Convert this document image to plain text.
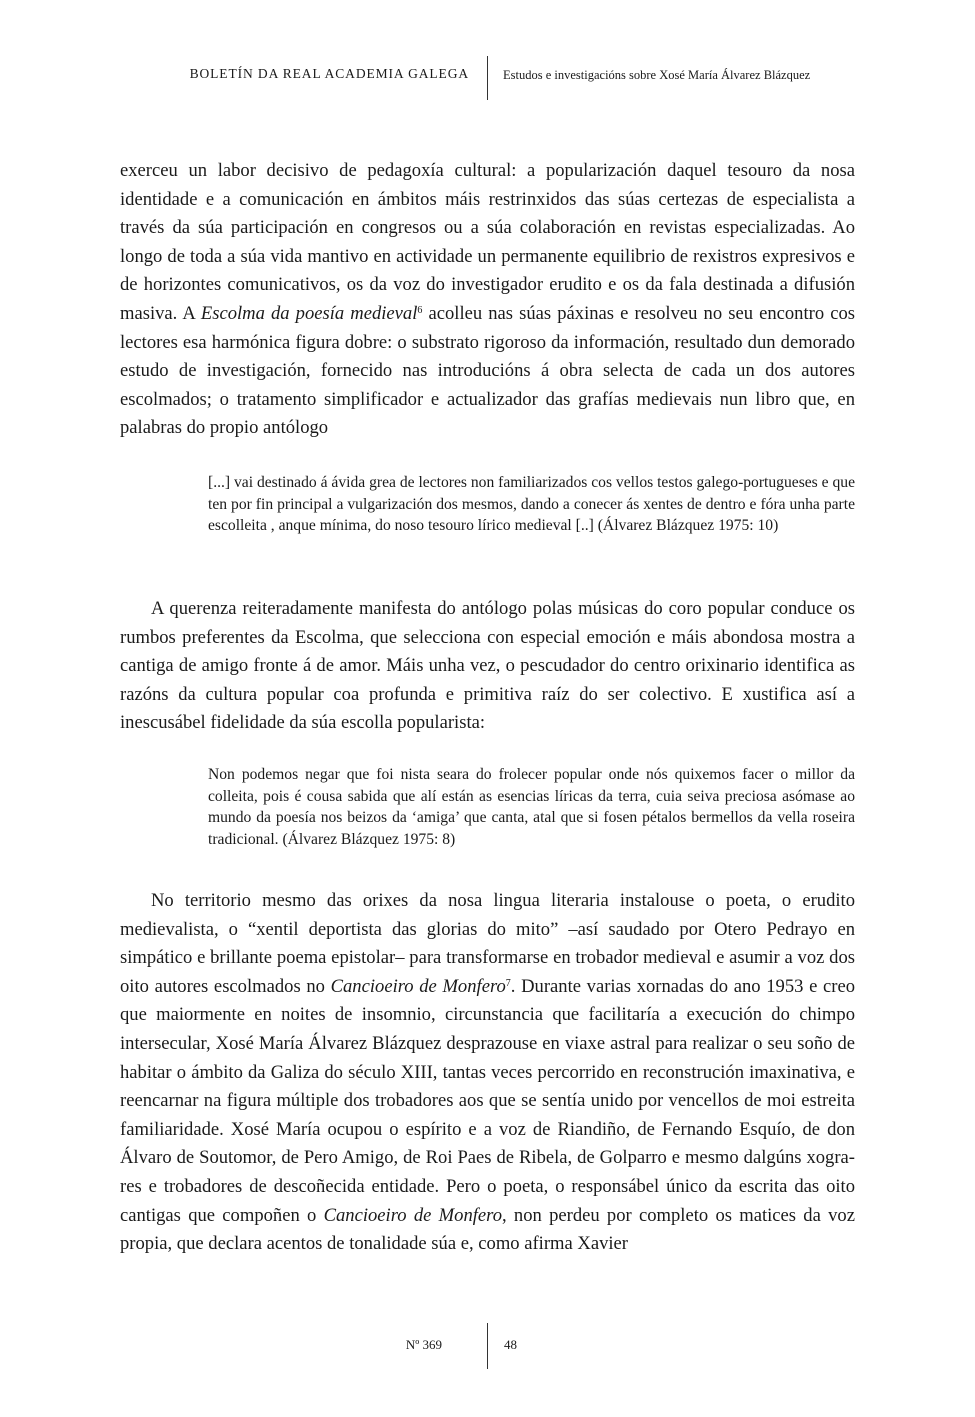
BOLETÍN DA REAL ACADEMIA GALEGA	Estudos e investigacións sobre Xosé María Álvarez Blázquez

exerceu un labor decisivo de pedagoxía cultural: a popularización daquel tesouro da nosa identidade e a comunicación en ámbitos máis restrinxidos das súas certezas de especialista a través da súa participación en congresos ou a súa colaboración en revistas especializadas. Ao longo de toda a súa vida mantivo en actividade un permanente equilibrio de rexistros expresivos e de horizontes comunicativos, os da voz do investigador erudito e os da fala destinada a difusión masiva. A Escolma da poesía medieval$^6$ acolleu nas súas páxinas e resolveu no seu encontro cos lectores esa harmónica figura dobre: o substrato rigoroso da información, resultado dun demorado estudo de investigación, fornecido nas introducións á obra selecta de cada un dos autores escolmados; o tratamento simplificador e actualizador das grafías medievais nun libro que, en palabras do propio antólogo

[...] vai destinado á ávida grea de lectores non familiarizados cos vellos testos galego-portugueses e que ten por fin principal a vulgarización dos mesmos, dando a conecer ás xentes de dentro e fóra unha parte escolleita , anque mínima, do noso tesouro lírico medieval [..] (Álvarez Blázquez 1975: 10)

A querenza reiteradamente manifesta do antólogo polas músicas do coro popular conduce os rumbos preferentes da Escolma, que selecciona con especial emoción e máis abondosa mostra a cantiga de amigo fronte á de amor. Máis unha vez, o pescudador do centro orixinario identifica as razóns da cultura popular coa profunda e primitiva raíz do ser colectivo. E xustifica así a inescusábel fidelidade da súa escolla popularista:

Non podemos negar que foi nista seara do frolecer popular onde nós quixemos facer o millor da colleita, pois é cousa sabida que alí están as esencias líricas da terra, cuia seiva preciosa asómase ao mundo da poesía nos beizos da ‘amiga’ que canta, atal que si fosen pétalos bermellos da vella roseira tradicional. (Álvarez Blázquez 1975: 8)

No territorio mesmo das orixes da nosa lingua literaria instalouse o poeta, o erudito medievalista, o “xentil deportista das glorias do mito” –así saudado por Otero Pedrayo en simpático e brillante poema epistolar– para transformarse en trobador medieval e asumir a voz dos oito autores escolmados no Cancioeiro de Monfero$^7$. Durante varias xornadas do ano 1953 e creo que maiormente en noites de insomnio, circunstancia que facilitaría a execución do chimpo intersecular, Xosé María Álvarez Blázquez desprazouse en viaxe astral para realizar o seu soño de habitar o ámbito da Galiza do século XIII, tantas veces percorrido en reconstrución imaxinativa, e reencarnar na figura múltiple dos trobadores aos que se sentía unido por vencellos de moi estreita familiaridade. Xosé María ocupou o espírito e a voz de Riandiño, de Fernando Esquío, de don Álvaro de Soutomor, de Pero Amigo, de Roi Paes de Ribela, de Golparro e mesmo dalgúns xograres e trobadores de descoñecida entidade. Pero o poeta, o responsábel único da escrita das oito cantigas que compoñen o Cancioeiro de Monfero, non perdeu por completo os matices da voz propia, que declara acentos de tonalidade súa e, como afirma Xavier

Nº 369	48
